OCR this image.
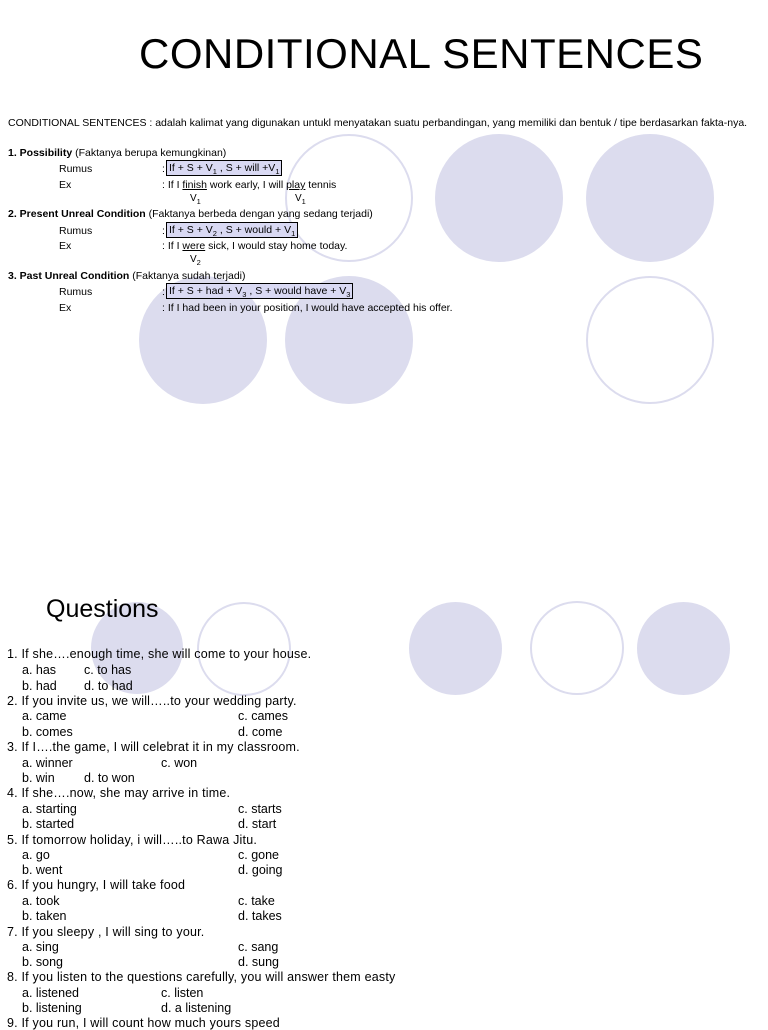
CONDITIONAL SENTENCES
CONDITIONAL SENTENCES : adalah kalimat yang digunakan untukl menyatakan suatu perbandingan, yang memiliki dan bentuk / tipe berdasarkan fakta-nya.
1. Possibility (Faktanya berupa kemungkinan)
Rumus	: $If + S + V_1$ , S + will $+V_1$
Ex	: If I finish work early, I will play tennis
$V_1$	$V_1$
2. Present Unreal Condition (Faktanya berbeda dengan yang sedang terjadi)
Rumus	: $If + S + V_2$ , S + would + $V_1$
Ex	: If I were sick, I would stay home today.
$V_2$
3. Past Unreal Condition (Faktanya sudah terjadi)
Rumus	: If + S + had + $V_3$ , S + would have + $V_3$
Ex	: If I had been in your position, I would have accepted his offer.
Questions
1. If she….enough time, she will come to your house.
a. has c. to has
b. had d. to had
2. If you invite us, we will…..to your wedding party.
a. came	c. cames
b. comes	d. come
3. If I….the game, I will celebrat it in my classroom.
a. winner	c. won
b. win d. to won
4. If she….now, she may arrive in time.
a. starting	c. starts
b. started	d. start
5. If tomorrow holiday, i will…..to Rawa Jitu.
a. go	c. gone
b. went	d. going
6. If you hungry, I will take food
a. took	c. take
b. taken	d. takes
7. If you sleepy , I will sing to your.
a. sing	c. sang
b. song	d. sung
8. If you listen to the questions carefully, you will answer them easty
a. listened	c. listen
b. listening	d. a listening
9. If you run, I will count how much yours speed
